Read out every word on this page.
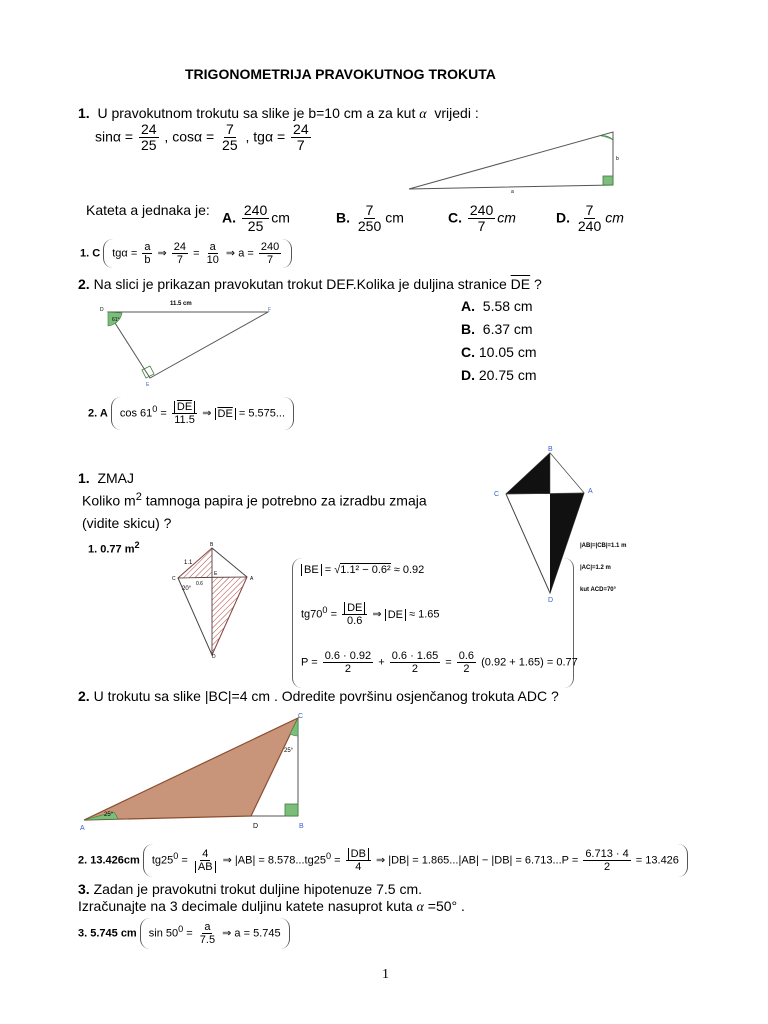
TRIGONOMETRIJA PRAVOKUTNOG TROKUTA
1. U pravokutnom trokutu sa slike je b=10 cm a za kut α vrijedi :
$\sin\alpha = \frac{24}{25}$ , $\cos\alpha = \frac{7}{25}$ , $tg\alpha = \frac{24}{7}$
a
b
Kateta a jednaka je: A. $\frac{240}{25}$ cm	B. $\frac{7}{250}$ cm	C. $\frac{240}{7}$ cm	D. $\frac{7}{240}$ cm
1. C $tg\alpha = \frac{a}{b}$ ⇒ $\frac{24}{7} = \frac{a}{10}$ ⇒ $a = \frac{240}{7}$
2. Na slici je prikazan pravokutan trokut DEF.Kolika je duljina stranice $\overline{DE}$ ?
11.5 cm
D	F
E
61°
A. 5.58 cm
B. 6.37 cm
C. 10.05 cm
D. 20.75 cm
2. A $\cos 61^0 = \frac{\overline{DE}}{11.5}$ ⇒ $\overline{DE} = 5.575$...
1. ZMAJ
Koliko $m^2$ tamnoga papira je potrebno za izradbu zmaja
(vidite skicu) ?
1. 0.77 $m^2$
B
A
C
D
|AB|=|CB|=1.1 m
|AC|=1.2 m
kut ACD=70°
B
A
C
D
E
1.1
0.6
20°
BE = √1.1² − 0.6² ≈ 0.92
$tg70^0 = \frac{DE}{0.6}$ ⇒ DE ≈ 1.65
$P = \frac{0.6 \cdot 0.92}{2} + \frac{0.6 \cdot 1.65}{2} = \frac{0.6}{2} (0.92 + 1.65) = 0.77$
2. U trokutu sa slike |BC|=4 cm . Odredite površinu osjenčanog trokuta ADC ?
25°
25°
A	D	B
C
2. 13.426cm $tg25^0 = \frac{4}{AB}$ ⇒ $|AB| = 8.578...tg25^0 = \frac{DB}{4}$ ⇒ $|DB| = 1.865...|AB| - |DB| = 6.713...P = \frac{6.713 \cdot 4}{2} = 13.426$
3. Zadan je pravokutni trokut duljine hipotenuze 7.5 cm.
Izračunajte na 3 decimale duljinu katete nasuprot kuta α =50° .
3. 5.745 cm $\sin 50^0 = \frac{a}{7.5}$ ⇒ a = 5.745
1
